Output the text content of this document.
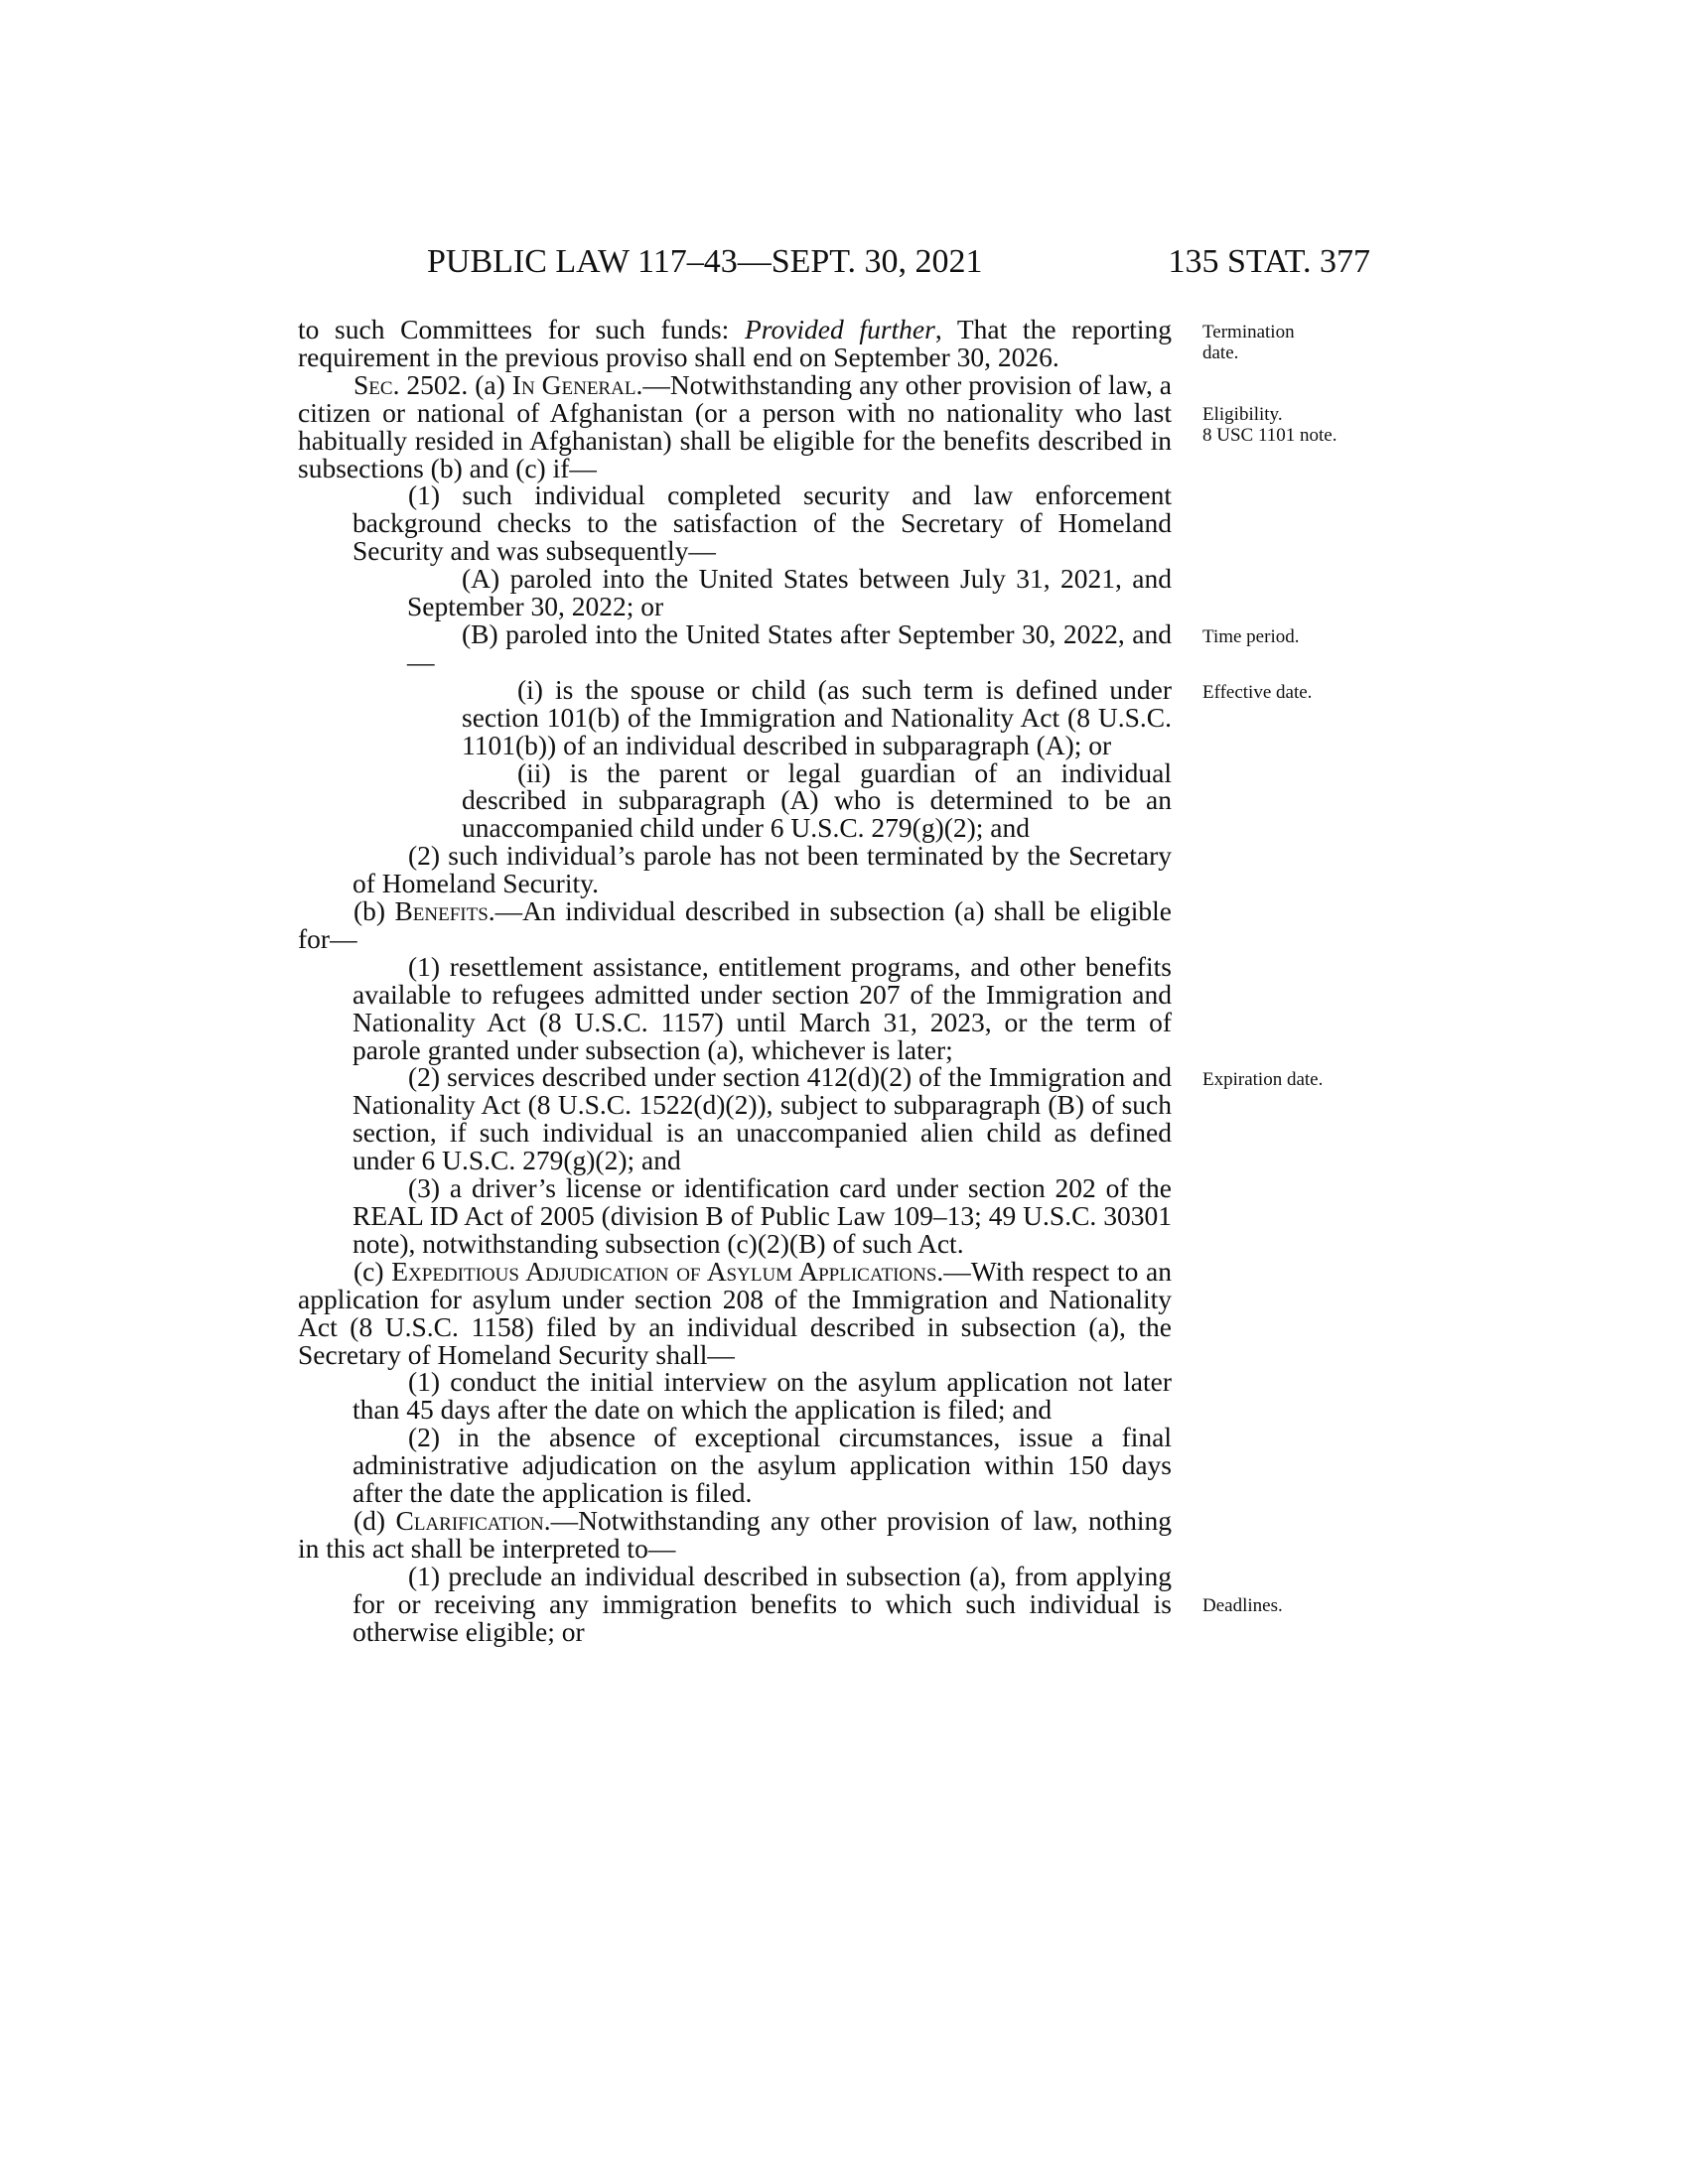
PUBLIC LAW 117–43—SEPT. 30, 2021	135 STAT. 377

to such Committees for such funds: Provided further, That the reporting requirement in the previous proviso shall end on September 30, 2026.

Sec. 2502. (a) In General.—Notwithstanding any other provision of law, a citizen or national of Afghanistan (or a person with no nationality who last habitually resided in Afghanistan) shall be eligible for the benefits described in subsections (b) and (c) if—

(1) such individual completed security and law enforcement background checks to the satisfaction of the Secretary of Homeland Security and was subsequently—

(A) paroled into the United States between July 31, 2021, and September 30, 2022; or

(B) paroled into the United States after September 30, 2022, and—

(i) is the spouse or child (as such term is defined under section 101(b) of the Immigration and Nationality Act (8 U.S.C. 1101(b)) of an individual described in subparagraph (A); or

(ii) is the parent or legal guardian of an individual described in subparagraph (A) who is determined to be an unaccompanied child under 6 U.S.C. 279(g)(2); and

(2) such individual’s parole has not been terminated by the Secretary of Homeland Security.

(b) Benefits.—An individual described in subsection (a) shall be eligible for—

(1) resettlement assistance, entitlement programs, and other benefits available to refugees admitted under section 207 of the Immigration and Nationality Act (8 U.S.C. 1157) until March 31, 2023, or the term of parole granted under subsection (a), whichever is later;

(2) services described under section 412(d)(2) of the Immigration and Nationality Act (8 U.S.C. 1522(d)(2)), subject to subparagraph (B) of such section, if such individual is an unaccompanied alien child as defined under 6 U.S.C. 279(g)(2); and

(3) a driver’s license or identification card under section 202 of the REAL ID Act of 2005 (division B of Public Law 109–13; 49 U.S.C. 30301 note), notwithstanding subsection (c)(2)(B) of such Act.

(c) Expeditious Adjudication of Asylum Applications.—With respect to an application for asylum under section 208 of the Immigration and Nationality Act (8 U.S.C. 1158) filed by an individual described in subsection (a), the Secretary of Homeland Security shall—

(1) conduct the initial interview on the asylum application not later than 45 days after the date on which the application is filed; and

(2) in the absence of exceptional circumstances, issue a final administrative adjudication on the asylum application within 150 days after the date the application is filed.

(d) Clarification.—Notwithstanding any other provision of law, nothing in this act shall be interpreted to—

(1) preclude an individual described in subsection (a), from applying for or receiving any immigration benefits to which such individual is otherwise eligible; or

Termination
date.
Eligibility.
8 USC 1101 note.
Time period.
Effective date.
Expiration date.
Deadlines.
